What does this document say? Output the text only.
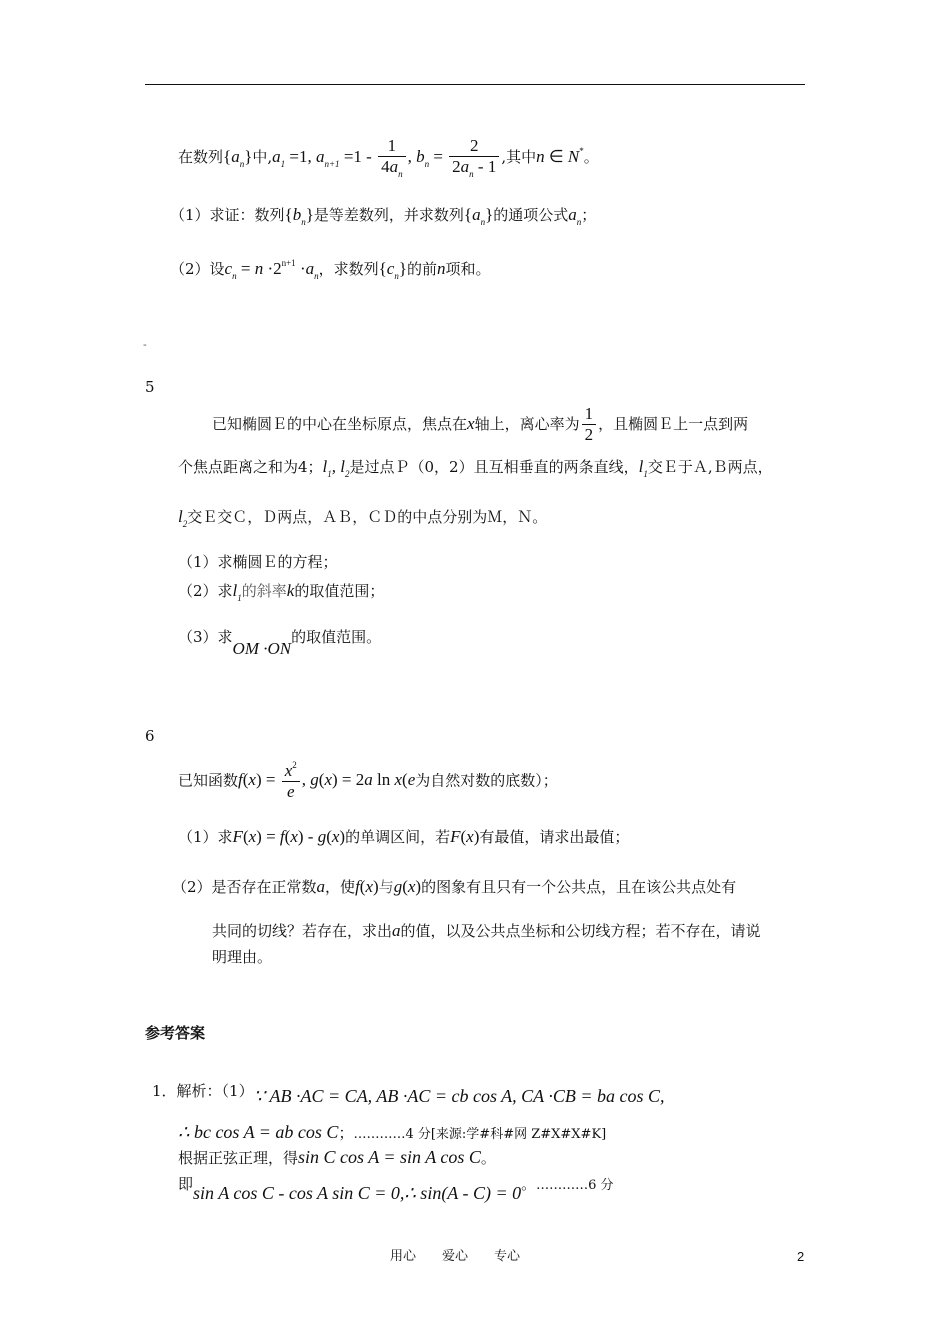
在数列$\{a_n\}$中$,a_1 =1$, $a_{n+1} =1 - \frac{1}{4a_n}$ , $b_n = \frac{2}{2a_n - 1}$ ,其中n ∈ N*。
（1）求证：数列$\{b_n\}$是等差数列，并求数列$\{a_n\}$的通项公式$a_n$；
（2）设$c_n = n \cdot 2^{n+1} \cdot a_n$，求数列$\{c_n\}$的前n项和。
-
5
已知椭圆Ｅ的中心在坐标原点，焦点在x轴上，离心率为 $\frac{1}{2}$ ，且椭圆Ｅ上一点到两
个焦点距离之和为4；$l_1$, $l_2$是过点Ｐ（0，2）且互相垂直的两条直线，$l_1$交Ｅ于Ａ,Ｂ两点，
$l_2$交Ｅ交Ｃ，Ｄ两点，ＡＢ，ＣＤ的中点分别为Ｍ，Ｎ。
（1）求椭圆Ｅ的方程；
（2）求$l_1$的斜率k的取值范围；
（3）求OM ·ON的取值范围。
6
已知函数$f(x) = \frac{x^2}{e}$ , g(x) = 2a ln x(e为自然对数的底数）；
（1）求F(x) = f(x) - g(x)的单调区间，若F(x)有最值，请求出最值；
（2）是否存在正常数a，使f(x)与g(x)的图象有且只有一个公共点，且在该公共点处有
共同的切线？若存在，求出a的值，以及公共点坐标和公切线方程；若不存在，请说
明理由。
参考答案
1．解析：（1）∵ AB ·AC = CA, AB ·AC = cb cos A, CA ·CB = ba cos C,
∴ bc cos A = ab cos C；…………4 分[来源:学#科#网 Z#X#X#K]
根据正弦正理，得sin C cos A = sin A cos C。
即sin A cos C - cos A sin C = 0,∴ sin(A - C) = 0。…………6 分
用心　　爱心　　专心	2
